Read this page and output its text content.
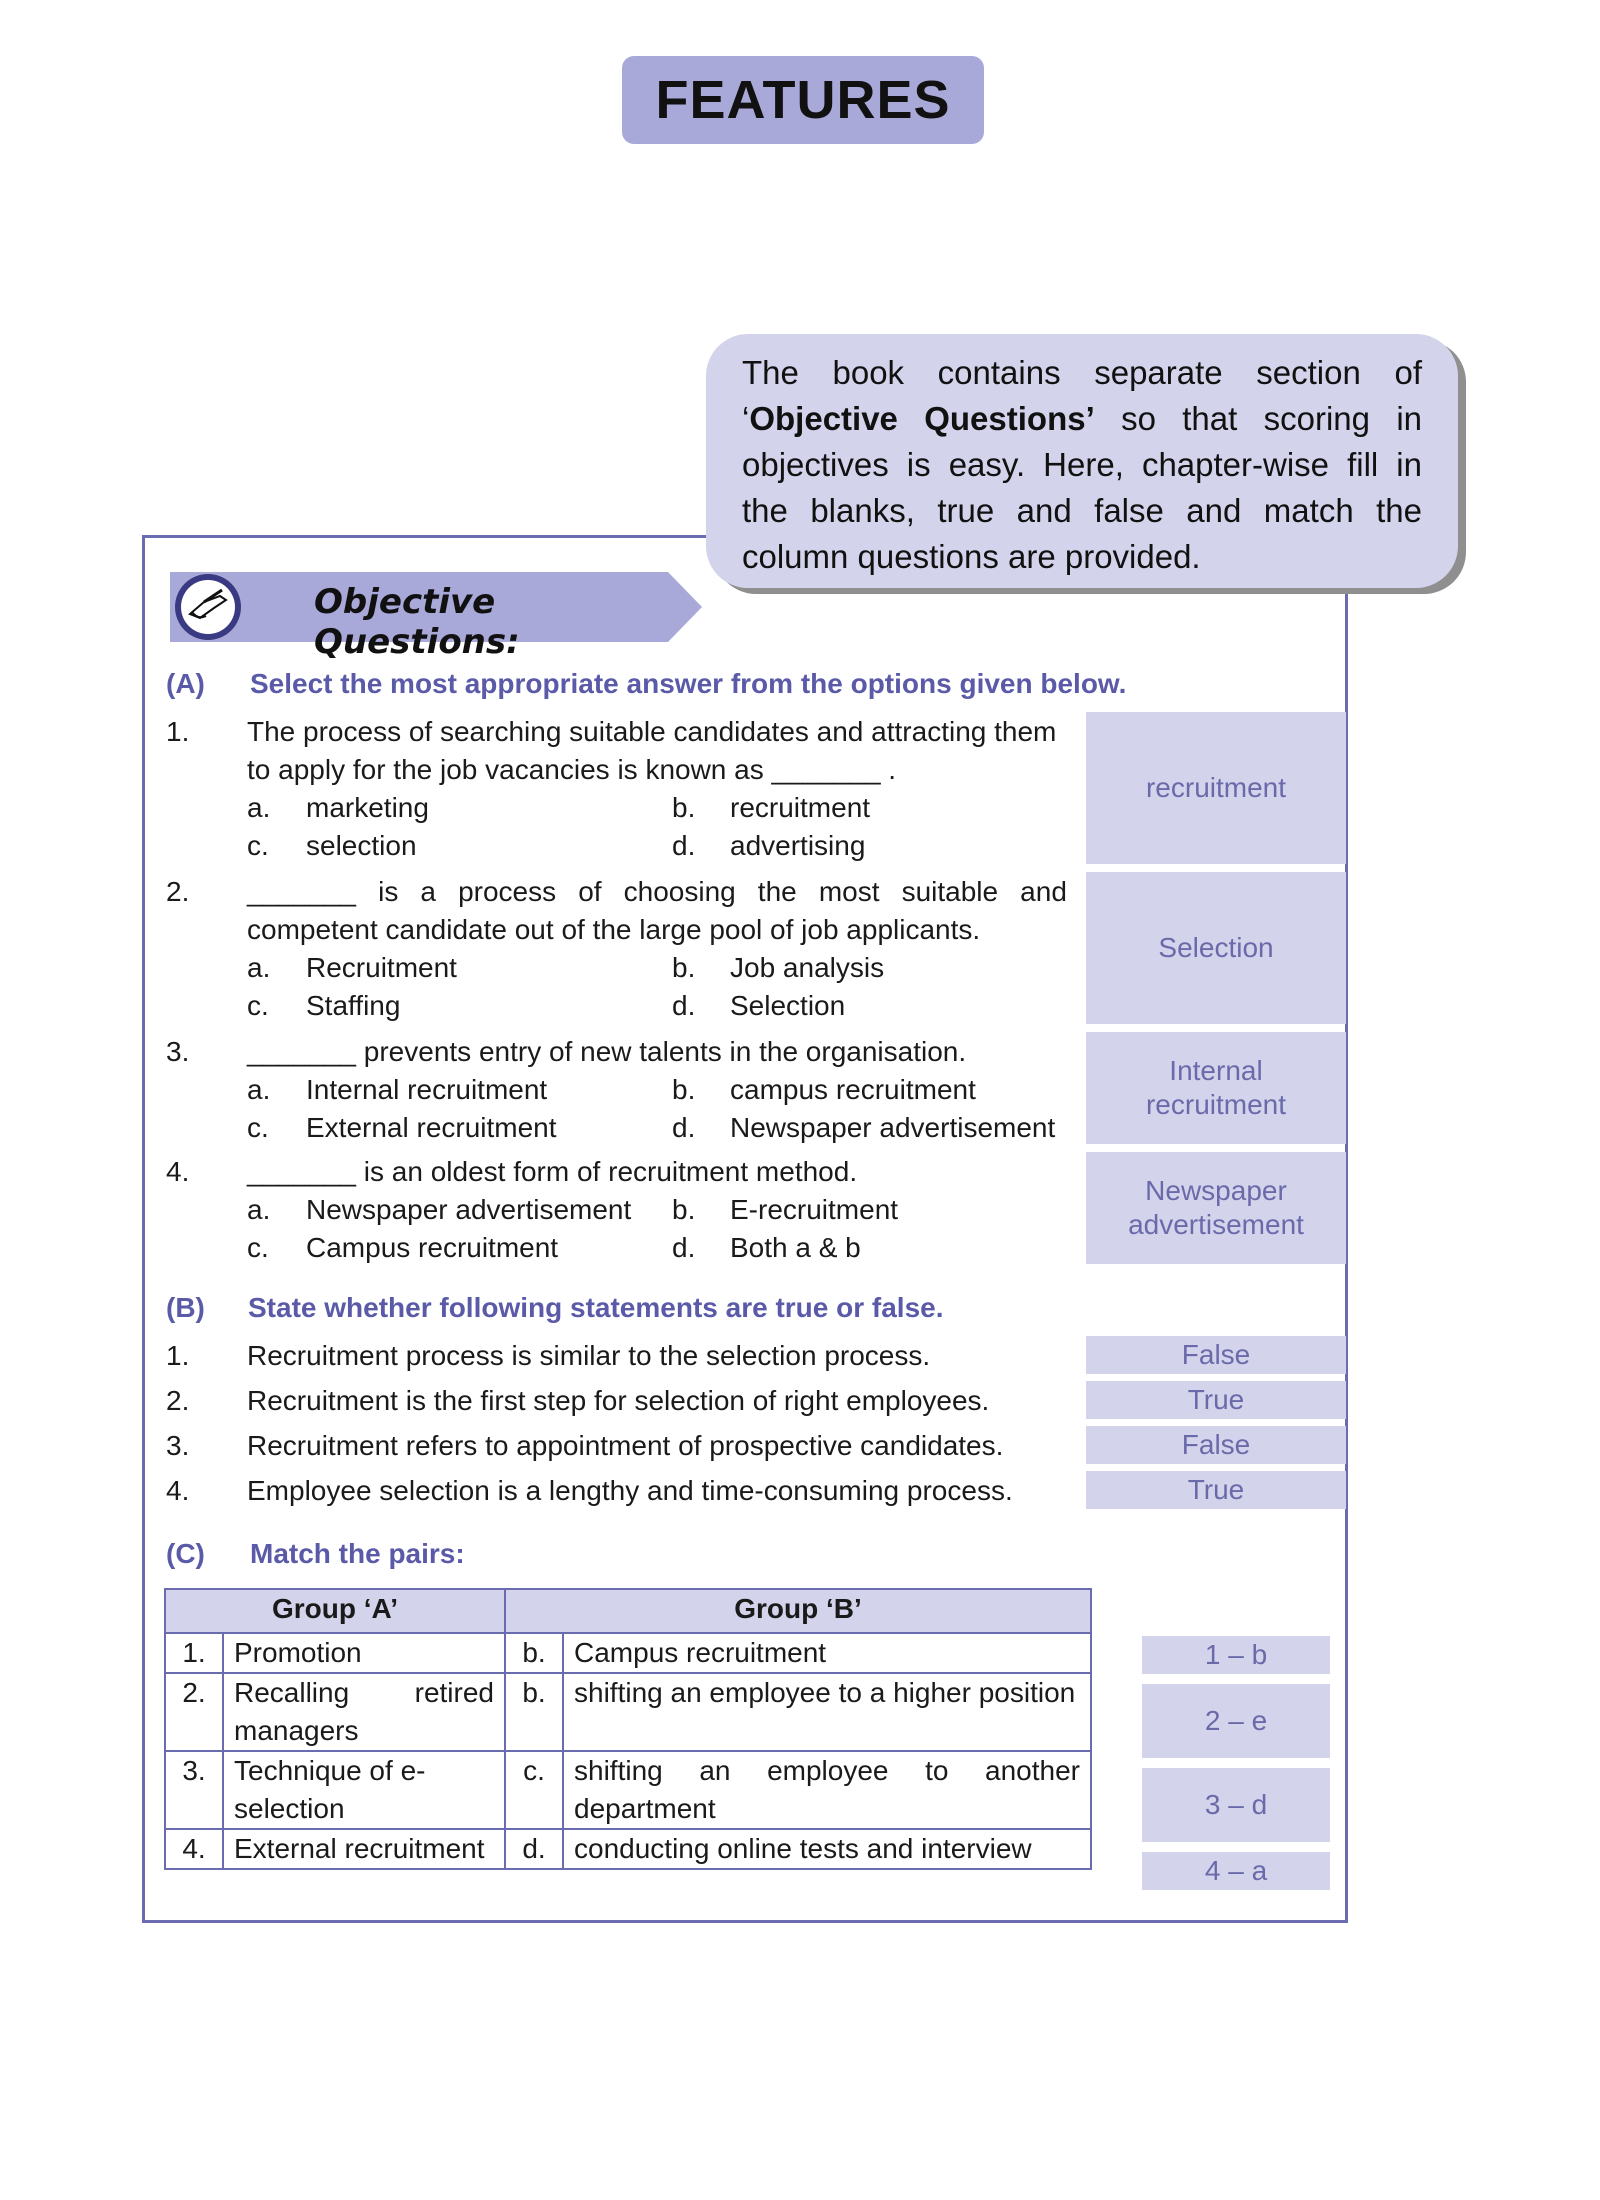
FEATURES

The book contains separate section of ‘Objective Questions’ so that scoring in objectives is easy. Here, chapter-wise fill in the blanks, true and false and match the column questions are provided.

Objective Questions:
(A) Select the most appropriate answer from the options given below.
1. The process of searching suitable candidates and attracting them
to apply for the job vacancies is known as _______ .
a. marketing	b. recruitment
c. selection	d. advertising
recruitment
2. _______ is a process of choosing the most suitable and
competent candidate out of the large pool of job applicants.
a. Recruitment	b. Job analysis
c. Staffing	d. Selection
Selection
3. _______ prevents entry of new talents in the organisation.
a. Internal recruitment	b. campus recruitment
c. External recruitment	d. Newspaper advertisement
Internal
recruitment
4. _______ is an oldest form of recruitment method.
a. Newspaper advertisement b. E-recruitment
c. Campus recruitment	d. Both a & b
Newspaper
advertisement
(B) State whether following statements are true or false.
1. Recruitment process is similar to the selection process.	False
2. Recruitment is the first step for selection of right employees.	True
3. Recruitment refers to appointment of prospective candidates.	False
4. Employee selection is a lengthy and time-consuming process.	True
(C) Match the pairs:
Group ‘A’		Group ‘B’	
1.	Promotion	b.	Campus recruitment
2.	Recalling retired managers	b.	shifting an employee to a higher position
3.	Technique of e-selection	c.	shifting an employee to another department
4.	External recruitment	d.	conducting online tests and interview
1 – b
2 – e
3 – d
4 – a
